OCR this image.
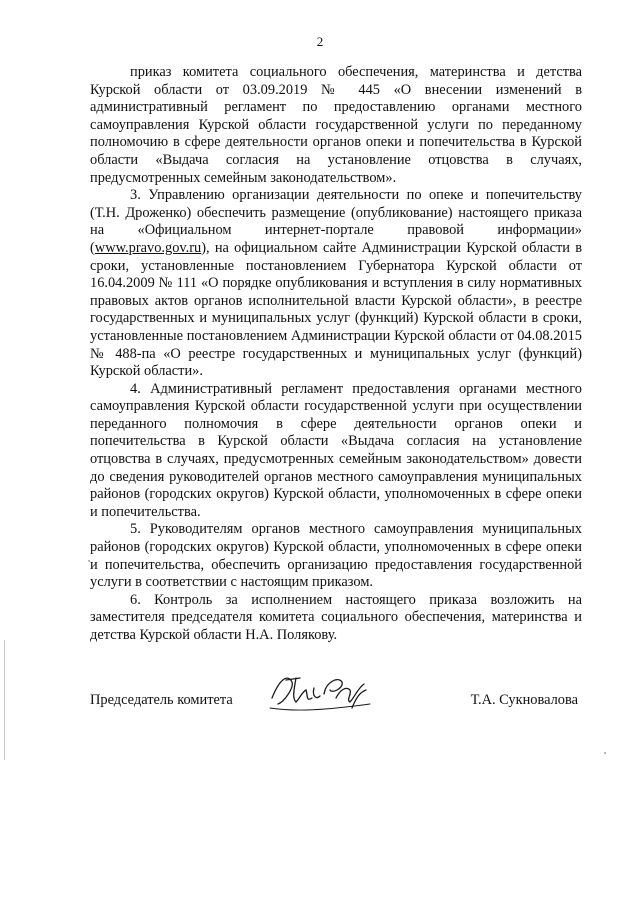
2

приказ комитета социального обеспечения, материнства и детства Курской области от 03.09.2019 № 445 «О внесении изменений в административный регламент по предоставлению органами местного самоуправления Курской области государственной услуги по переданному полномочию в сфере деятельности органов опеки и попечительства в Курской области «Выдача согласия на установление отцовства в случаях, предусмотренных семейным законодательством».

3. Управлению организации деятельности по опеке и попечительству (Т.Н. Дроженко) обеспечить размещение (опубликование) настоящего приказа на «Официальном интернет-портале правовой информации» (www.pravo.gov.ru), на официальном сайте Администрации Курской области в сроки, установленные постановлением Губернатора Курской области от 16.04.2009 № 111 «О порядке опубликования и вступления в силу нормативных правовых актов органов исполнительной власти Курской области», в реестре государственных и муниципальных услуг (функций) Курской области в сроки, установленные постановлением Администрации Курской области от 04.08.2015 № 488-па «О реестре государственных и муниципальных услуг (функций) Курской области».

4. Административный регламент предоставления органами местного самоуправления Курской области государственной услуги при осуществлении переданного полномочия в сфере деятельности органов опеки и попечительства в Курской области «Выдача согласия на установление отцовства в случаях, предусмотренных семейным законодательством» довести до сведения руководителей органов местного самоуправления муниципальных районов (городских округов) Курской области, уполномоченных в сфере опеки и попечительства.

5. Руководителям органов местного самоуправления муниципальных районов (городских округов) Курской области, уполномоченных в сфере опеки и попечительства, обеспечить организацию предоставления государственной услуги в соответствии с настоящим приказом.

6. Контроль за исполнением настоящего приказа возложить на заместителя председателя комитета социального обеспечения, материнства и детства Курской области Н.А. Полякову.

Председатель комитета	Т.А. Сукновалова
